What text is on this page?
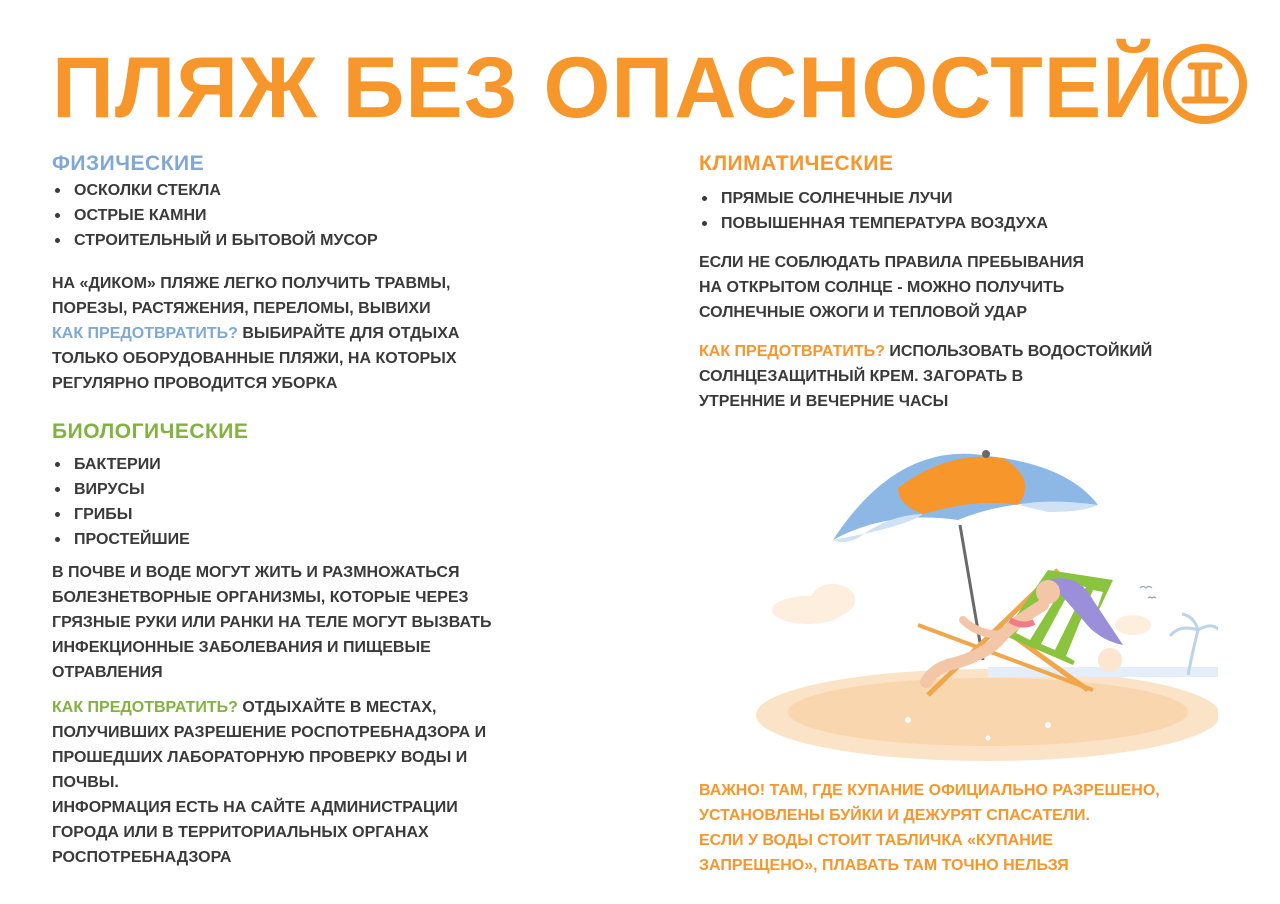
ПЛЯЖ БЕЗ ОПАСНОСТЕЙ
ФИЗИЧЕСКИЕ
ОСКОЛКИ СТЕКЛА
ОСТРЫЕ КАМНИ
СТРОИТЕЛЬНЫЙ И БЫТОВОЙ МУСОР

НА «ДИКОМ» ПЛЯЖЕ ЛЕГКО ПОЛУЧИТЬ ТРАВМЫ,
ПОРЕЗЫ, РАСТЯЖЕНИЯ, ПЕРЕЛОМЫ, ВЫВИХИ

КАК ПРЕДОТВРАТИТЬ? ВЫБИРАЙТЕ ДЛЯ ОТДЫХА
ТОЛЬКО ОБОРУДОВАННЫЕ ПЛЯЖИ, НА КОТОРЫХ
РЕГУЛЯРНО ПРОВОДИТСЯ УБОРКА

БИОЛОГИЧЕСКИЕ
БАКТЕРИИ
ВИРУСЫ
ГРИБЫ
ПРОСТЕЙШИЕ

В ПОЧВЕ И ВОДЕ МОГУТ ЖИТЬ И РАЗМНОЖАТЬСЯ
БОЛЕЗНЕТВОРНЫЕ ОРГАНИЗМЫ, КОТОРЫЕ ЧЕРЕЗ
ГРЯЗНЫЕ РУКИ ИЛИ РАНКИ НА ТЕЛЕ МОГУТ ВЫЗВАТЬ
ИНФЕКЦИОННЫЕ ЗАБОЛЕВАНИЯ И ПИЩЕВЫЕ
ОТРАВЛЕНИЯ

КАК ПРЕДОТВРАТИТЬ? ОТДЫХАЙТЕ В МЕСТАХ,
ПОЛУЧИВШИХ РАЗРЕШЕНИЕ РОСПОТРЕБНАДЗОРА И
ПРОШЕДШИХ ЛАБОРАТОРНУЮ ПРОВЕРКУ ВОДЫ И
ПОЧВЫ.
ИНФОРМАЦИЯ ЕСТЬ НА САЙТЕ АДМИНИСТРАЦИИ
ГОРОДА ИЛИ В ТЕРРИТОРИАЛЬНЫХ ОРГАНАХ
РОСПОТРЕБНАДЗОРА

КЛИМАТИЧЕСКИЕ
ПРЯМЫЕ СОЛНЕЧНЫЕ ЛУЧИ
ПОВЫШЕННАЯ ТЕМПЕРАТУРА ВОЗДУХА

ЕСЛИ НЕ СОБЛЮДАТЬ ПРАВИЛА ПРЕБЫВАНИЯ
НА ОТКРЫТОМ СОЛНЦЕ - МОЖНО ПОЛУЧИТЬ
СОЛНЕЧНЫЕ ОЖОГИ И ТЕПЛОВОЙ УДАР

КАК ПРЕДОТВРАТИТЬ? ИСПОЛЬЗОВАТЬ ВОДОСТОЙКИЙ
СОЛНЦЕЗАЩИТНЫЙ КРЕМ. ЗАГОРАТЬ В
УТРЕННИЕ И ВЕЧЕРНИЕ ЧАСЫ

ВАЖНО! ТАМ, ГДЕ КУПАНИЕ ОФИЦИАЛЬНО РАЗРЕШЕНО,
УСТАНОВЛЕНЫ БУЙКИ И ДЕЖУРЯТ СПАСАТЕЛИ.
ЕСЛИ У ВОДЫ СТОИТ ТАБЛИЧКА «КУПАНИЕ
ЗАПРЕЩЕНО», ПЛАВАТЬ ТАМ ТОЧНО НЕЛЬЗЯ
